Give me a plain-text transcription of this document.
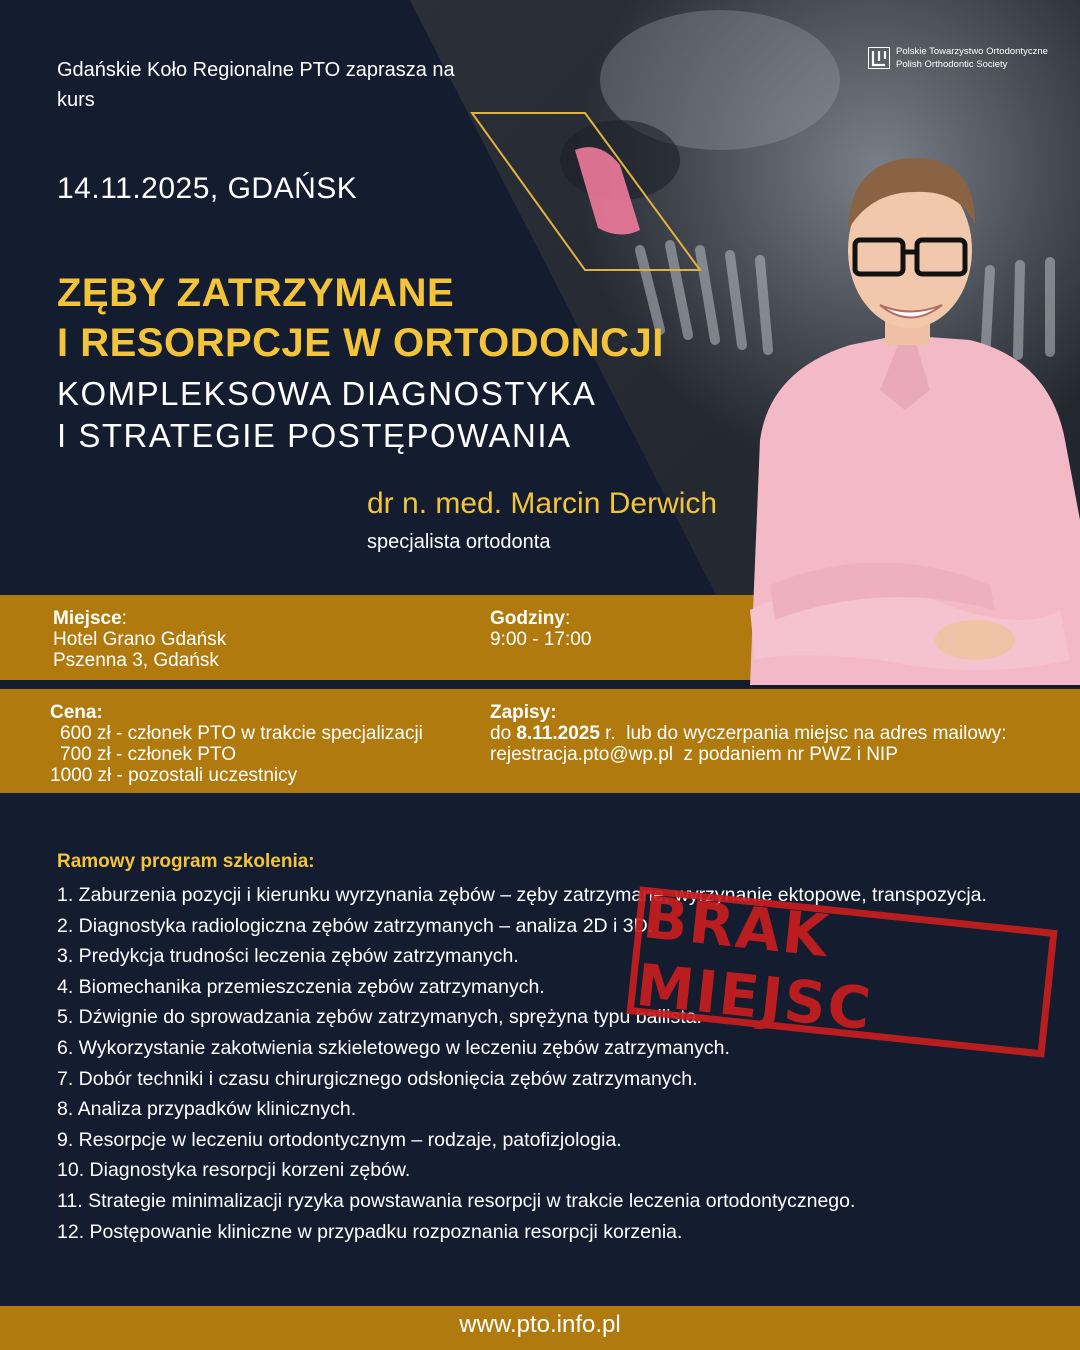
Polskie Towarzystwo Ortodontyczne
Polish Orthodontic Society
Gdańskie Koło Regionalne PTO zaprasza na kurs
14.11.2025, GDAŃSK
ZĘBY ZATRZYMANE
I RESORPCJE W ORTODONCJI
KOMPLEKSOWA DIAGNOSTYKA
I STRATEGIE POSTĘPOWANIA
dr n. med. Marcin Derwich
specjalista ortodonta
Miejsce:
Hotel Grano Gdańsk
Pszenna 3, Gdańsk
Godziny:
9:00 - 17:00
Cena:
600 zł - członek PTO w trakcie specjalizacji
700 zł - członek PTO
1000 zł - pozostali uczestnicy
Zapisy:
do 8.11.2025 r.  lub do wyczerpania miejsc na adres mailowy:
rejestracja.pto@wp.pl  z podaniem nr PWZ i NIP
Ramowy program szkolenia:
1. Zaburzenia pozycji i kierunku wyrzynania zębów – zęby zatrzymane, wyrzynanie ektopowe, transpozycja.
2. Diagnostyka radiologiczna zębów zatrzymanych – analiza 2D i 3D.
3. Predykcja trudności leczenia zębów zatrzymanych.
4. Biomechanika przemieszczenia zębów zatrzymanych.
5. Dźwignie do sprowadzania zębów zatrzymanych, sprężyna typu ballista.
6. Wykorzystanie zakotwienia szkieletowego w leczeniu zębów zatrzymanych.
7. Dobór techniki i czasu chirurgicznego odsłonięcia zębów zatrzymanych.
8. Analiza przypadków klinicznych.
9. Resorpcje w leczeniu ortodontycznym – rodzaje, patofizjologia.
10. Diagnostyka resorpcji korzeni zębów.
11. Strategie minimalizacji ryzyka powstawania resorpcji w trakcie leczenia ortodontycznego.
12. Postępowanie kliniczne w przypadku rozpoznania resorpcji korzenia.
BRAK MIEJSC
www.pto.info.pl
